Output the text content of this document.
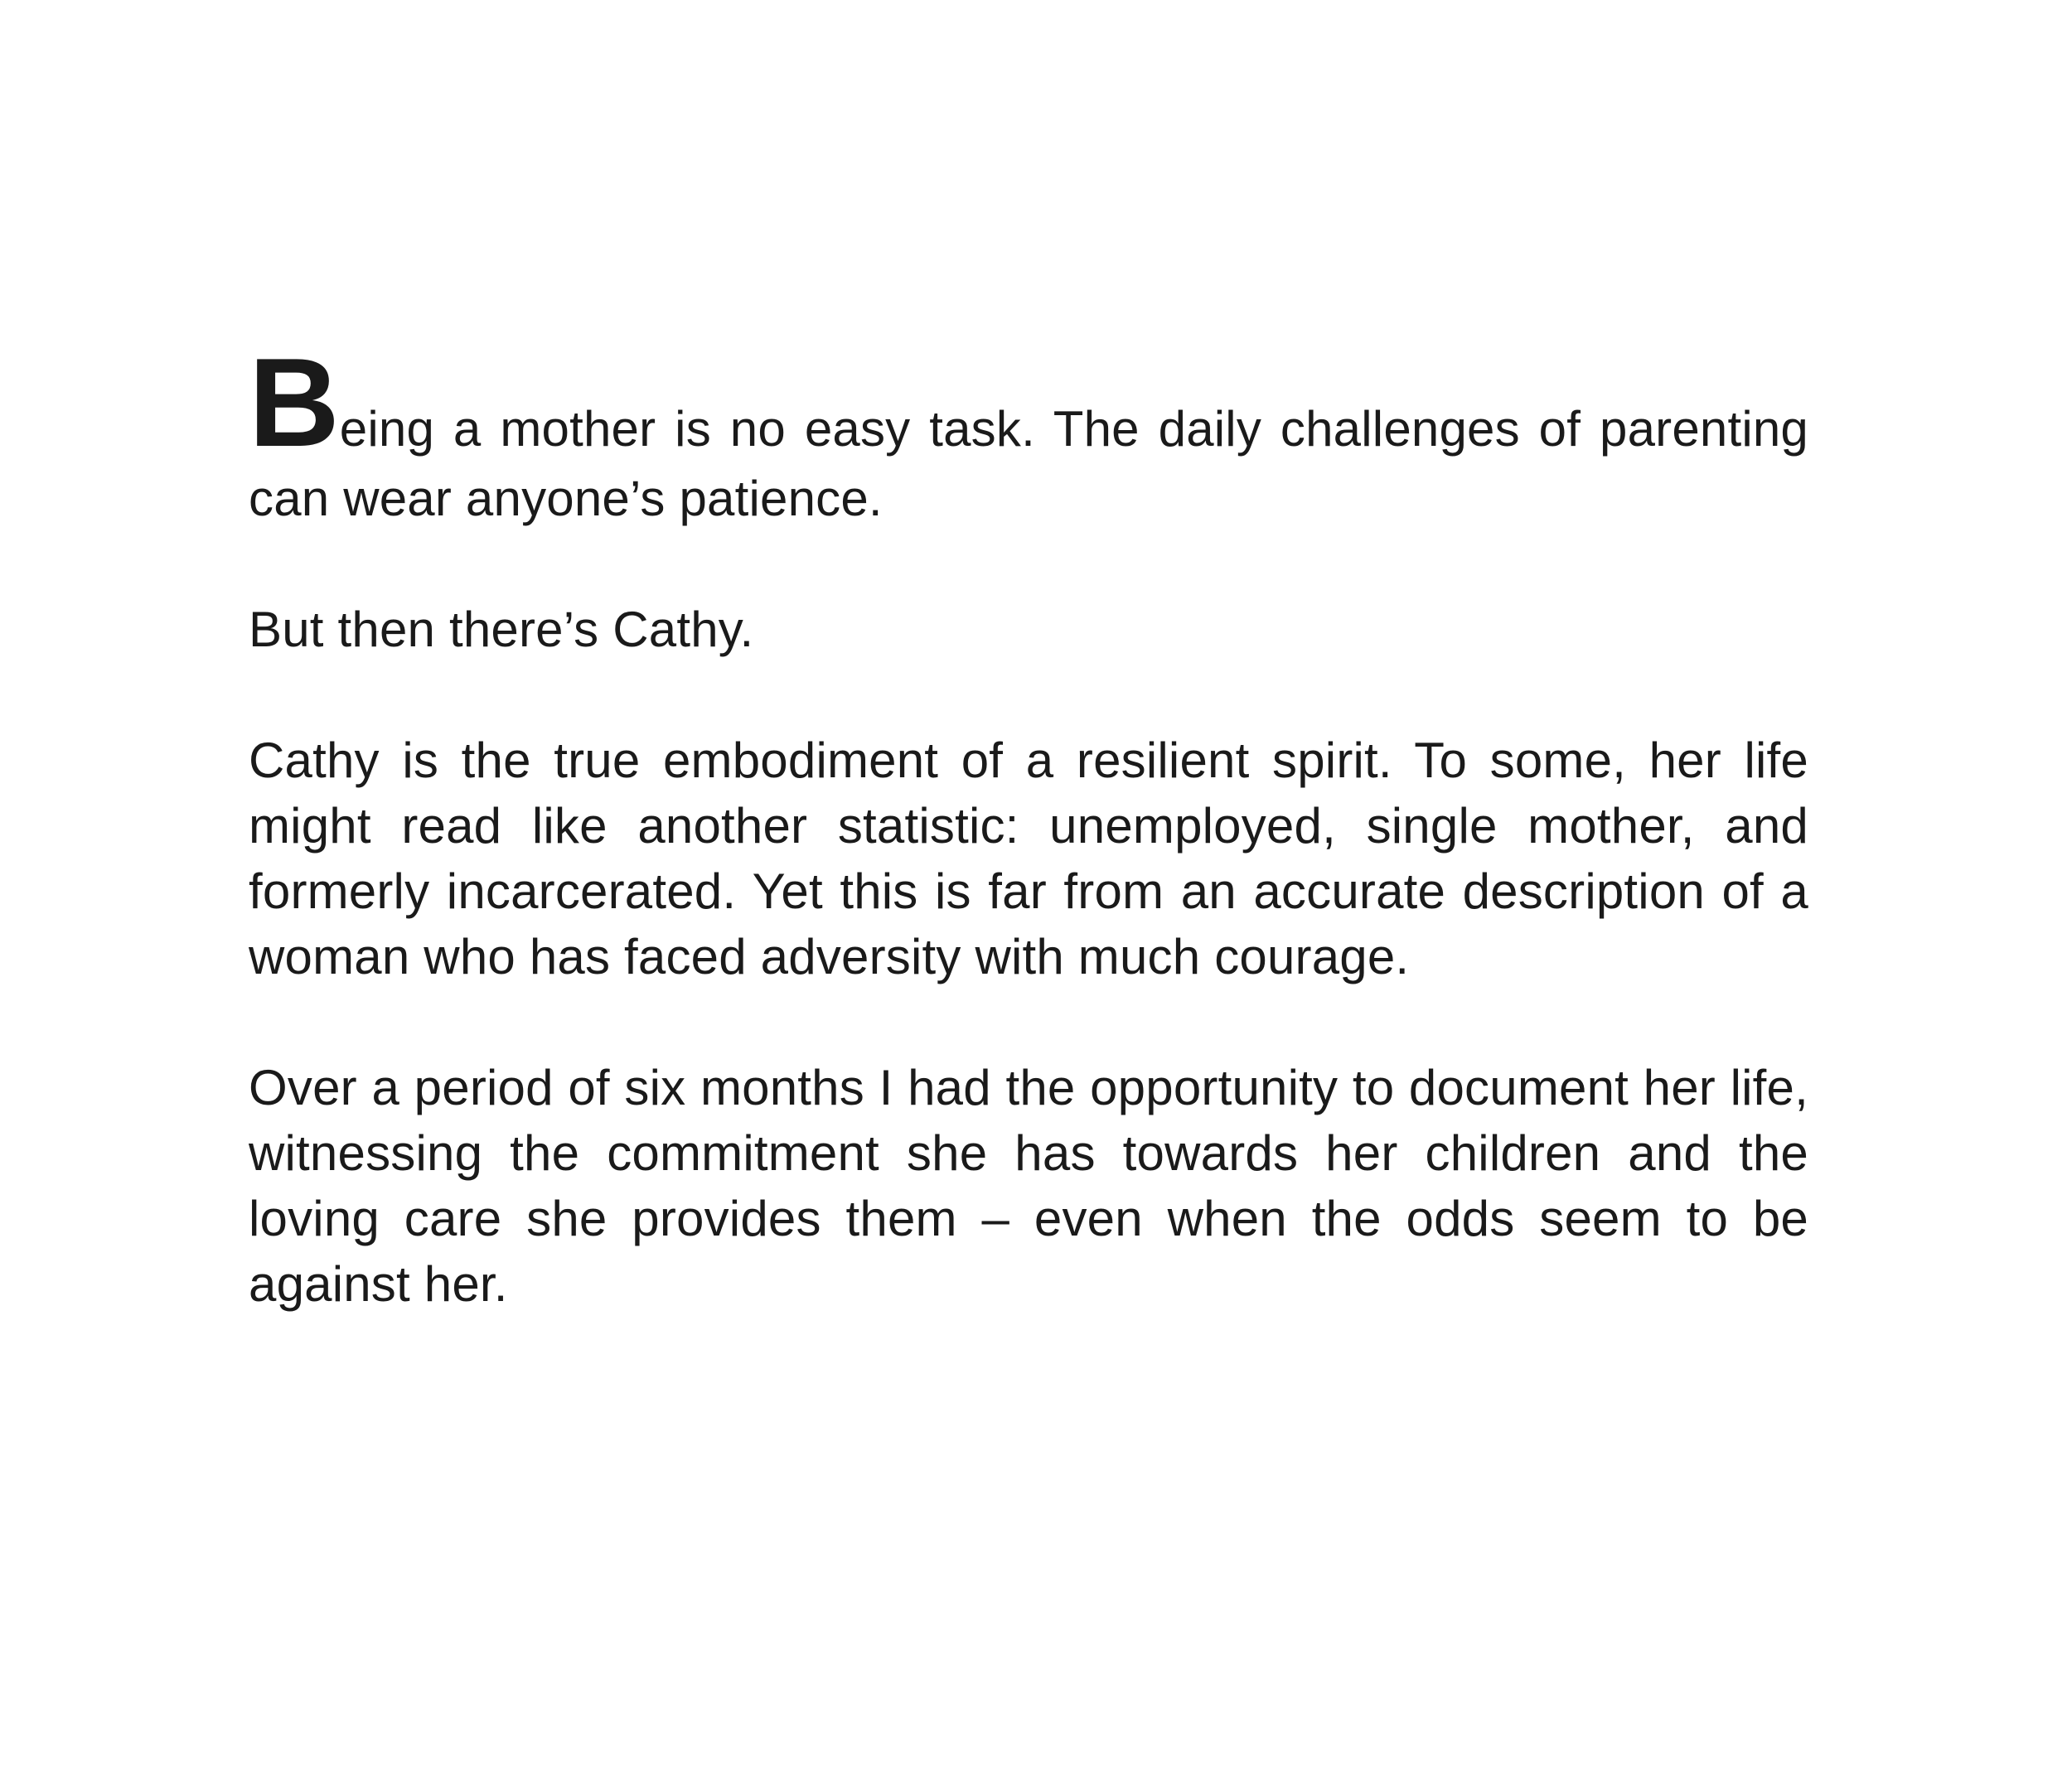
Being a mother is no easy task. The daily challenges of parenting can wear anyone’s patience.

But then there’s Cathy.

Cathy is the true embodiment of a resilient spirit. To some, her life might read like another statistic: unemployed, single mother, and formerly incarcerated. Yet this is far from an accurate description of a woman who has faced adversity with much courage.

Over a period of six months I had the opportunity to document her life, witnessing the commitment she has towards her children and the loving care she provides them – even when the odds seem to be against her.
